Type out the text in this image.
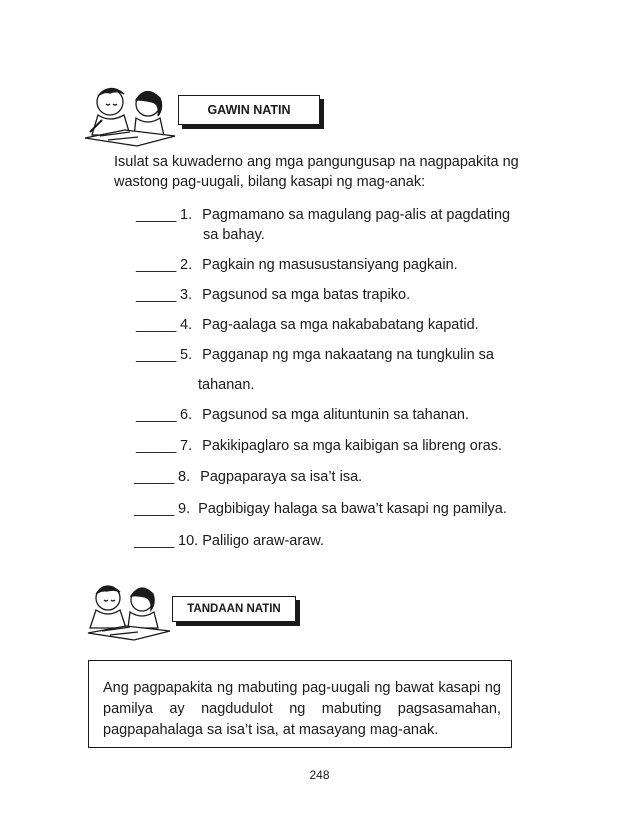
GAWIN NATIN

Isulat sa kuwaderno ang mga pangungusap na nagpapakita ng wastong pag-uugali, bilang kasapi ng mag-anak:

_____ 1. Pagmamano sa magulang pag-alis at pagdating
sa bahay.
_____ 2. Pagkain ng masusustansiyang pagkain.
_____ 3. Pagsunod sa mga batas trapiko.
_____ 4. Pag-aalaga sa mga nakababatang kapatid.
_____ 5. Pagganap ng mga nakaatang na tungkulin sa
tahanan.
_____ 6. Pagsunod sa mga alituntunin sa tahanan.
_____ 7. Pakikipaglaro sa mga kaibigan sa libreng oras.
_____ 8. Pagpaparaya sa isa’t isa.
_____ 9. Pagbibigay halaga sa bawa’t kasapi ng pamilya.
_____ 10. Paliligo araw-araw.
TANDAAN NATIN
Ang pagpapakita ng mabuting pag-uugali ng bawat kasapi ng pamilya ay nagdudulot ng mabuting pagsasamahan, pagpapahalaga sa isa’t isa, at masayang mag-anak.
248
